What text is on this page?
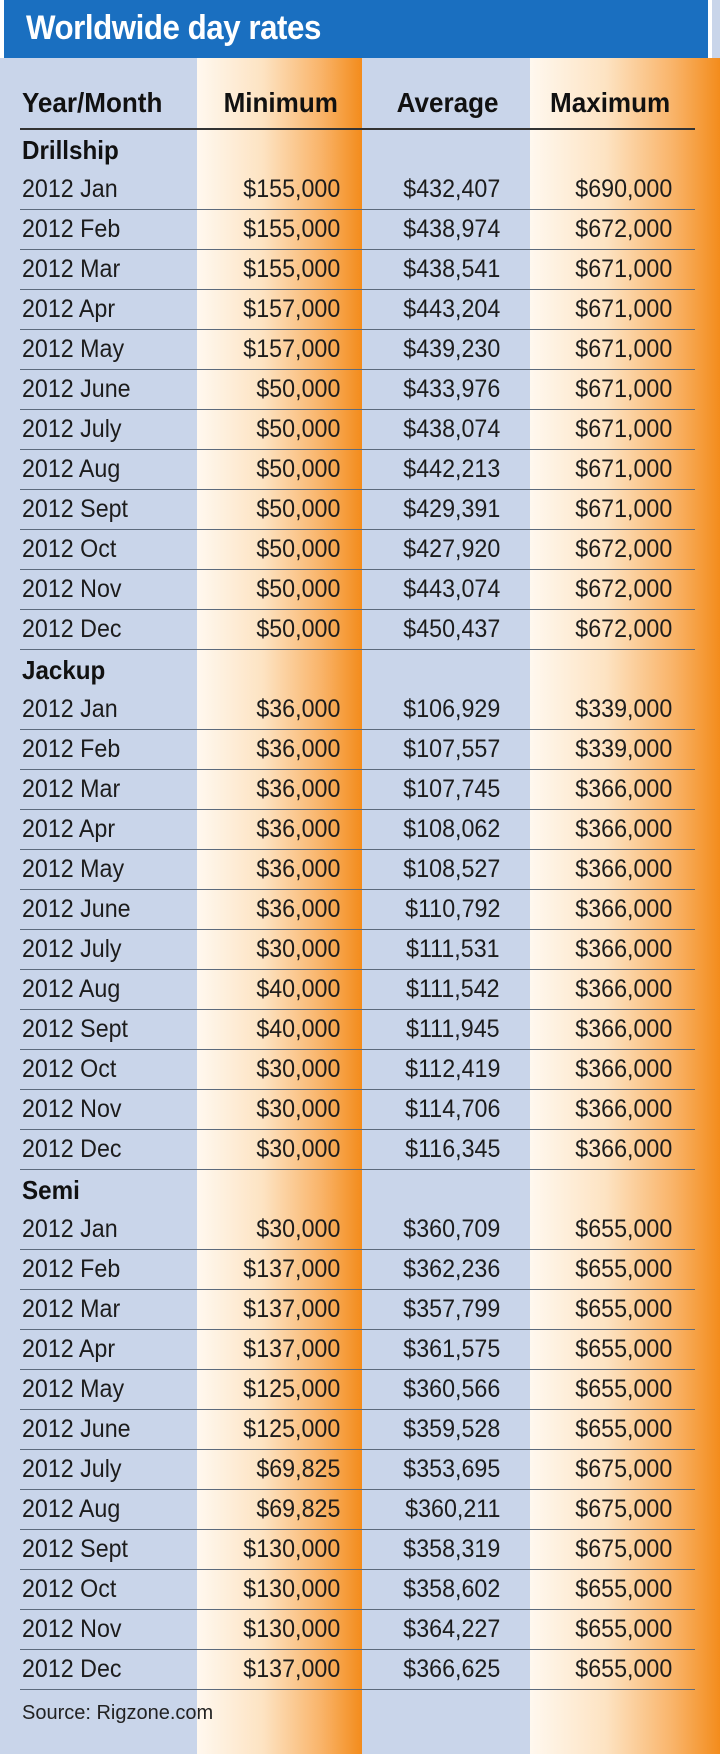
Worldwide day rates
Year/Month Minimum Average Maximum
Drillship
2012 Jan	$155,000	$432,407	$690,000
2012 Feb	$155,000	$438,974	$672,000
2012 Mar	$155,000	$438,541	$671,000
2012 Apr	$157,000	$443,204	$671,000
2012 May	$157,000	$439,230	$671,000
2012 June	$50,000	$433,976	$671,000
2012 July	$50,000	$438,074	$671,000
2012 Aug	$50,000	$442,213	$671,000
2012 Sept	$50,000	$429,391	$671,000
2012 Oct	$50,000	$427,920	$672,000
2012 Nov	$50,000	$443,074	$672,000
2012 Dec	$50,000	$450,437	$672,000
Jackup
2012 Jan	$36,000	$106,929	$339,000
2012 Feb	$36,000	$107,557	$339,000
2012 Mar	$36,000	$107,745	$366,000
2012 Apr	$36,000	$108,062	$366,000
2012 May	$36,000	$108,527	$366,000
2012 June	$36,000	$110,792	$366,000
2012 July	$30,000	$111,531	$366,000
2012 Aug	$40,000	$111,542	$366,000
2012 Sept	$40,000	$111,945	$366,000
2012 Oct	$30,000	$112,419	$366,000
2012 Nov	$30,000	$114,706	$366,000
2012 Dec	$30,000	$116,345	$366,000
Semi
2012 Jan	$30,000	$360,709	$655,000
2012 Feb	$137,000	$362,236	$655,000
2012 Mar	$137,000	$357,799	$655,000
2012 Apr	$137,000	$361,575	$655,000
2012 May	$125,000	$360,566	$655,000
2012 June	$125,000	$359,528	$655,000
2012 July	$69,825	$353,695	$675,000
2012 Aug	$69,825	$360,211	$675,000
2012 Sept	$130,000	$358,319	$675,000
2012 Oct	$130,000	$358,602	$655,000
2012 Nov	$130,000	$364,227	$655,000
2012 Dec	$137,000	$366,625	$655,000
Source: Rigzone.com
